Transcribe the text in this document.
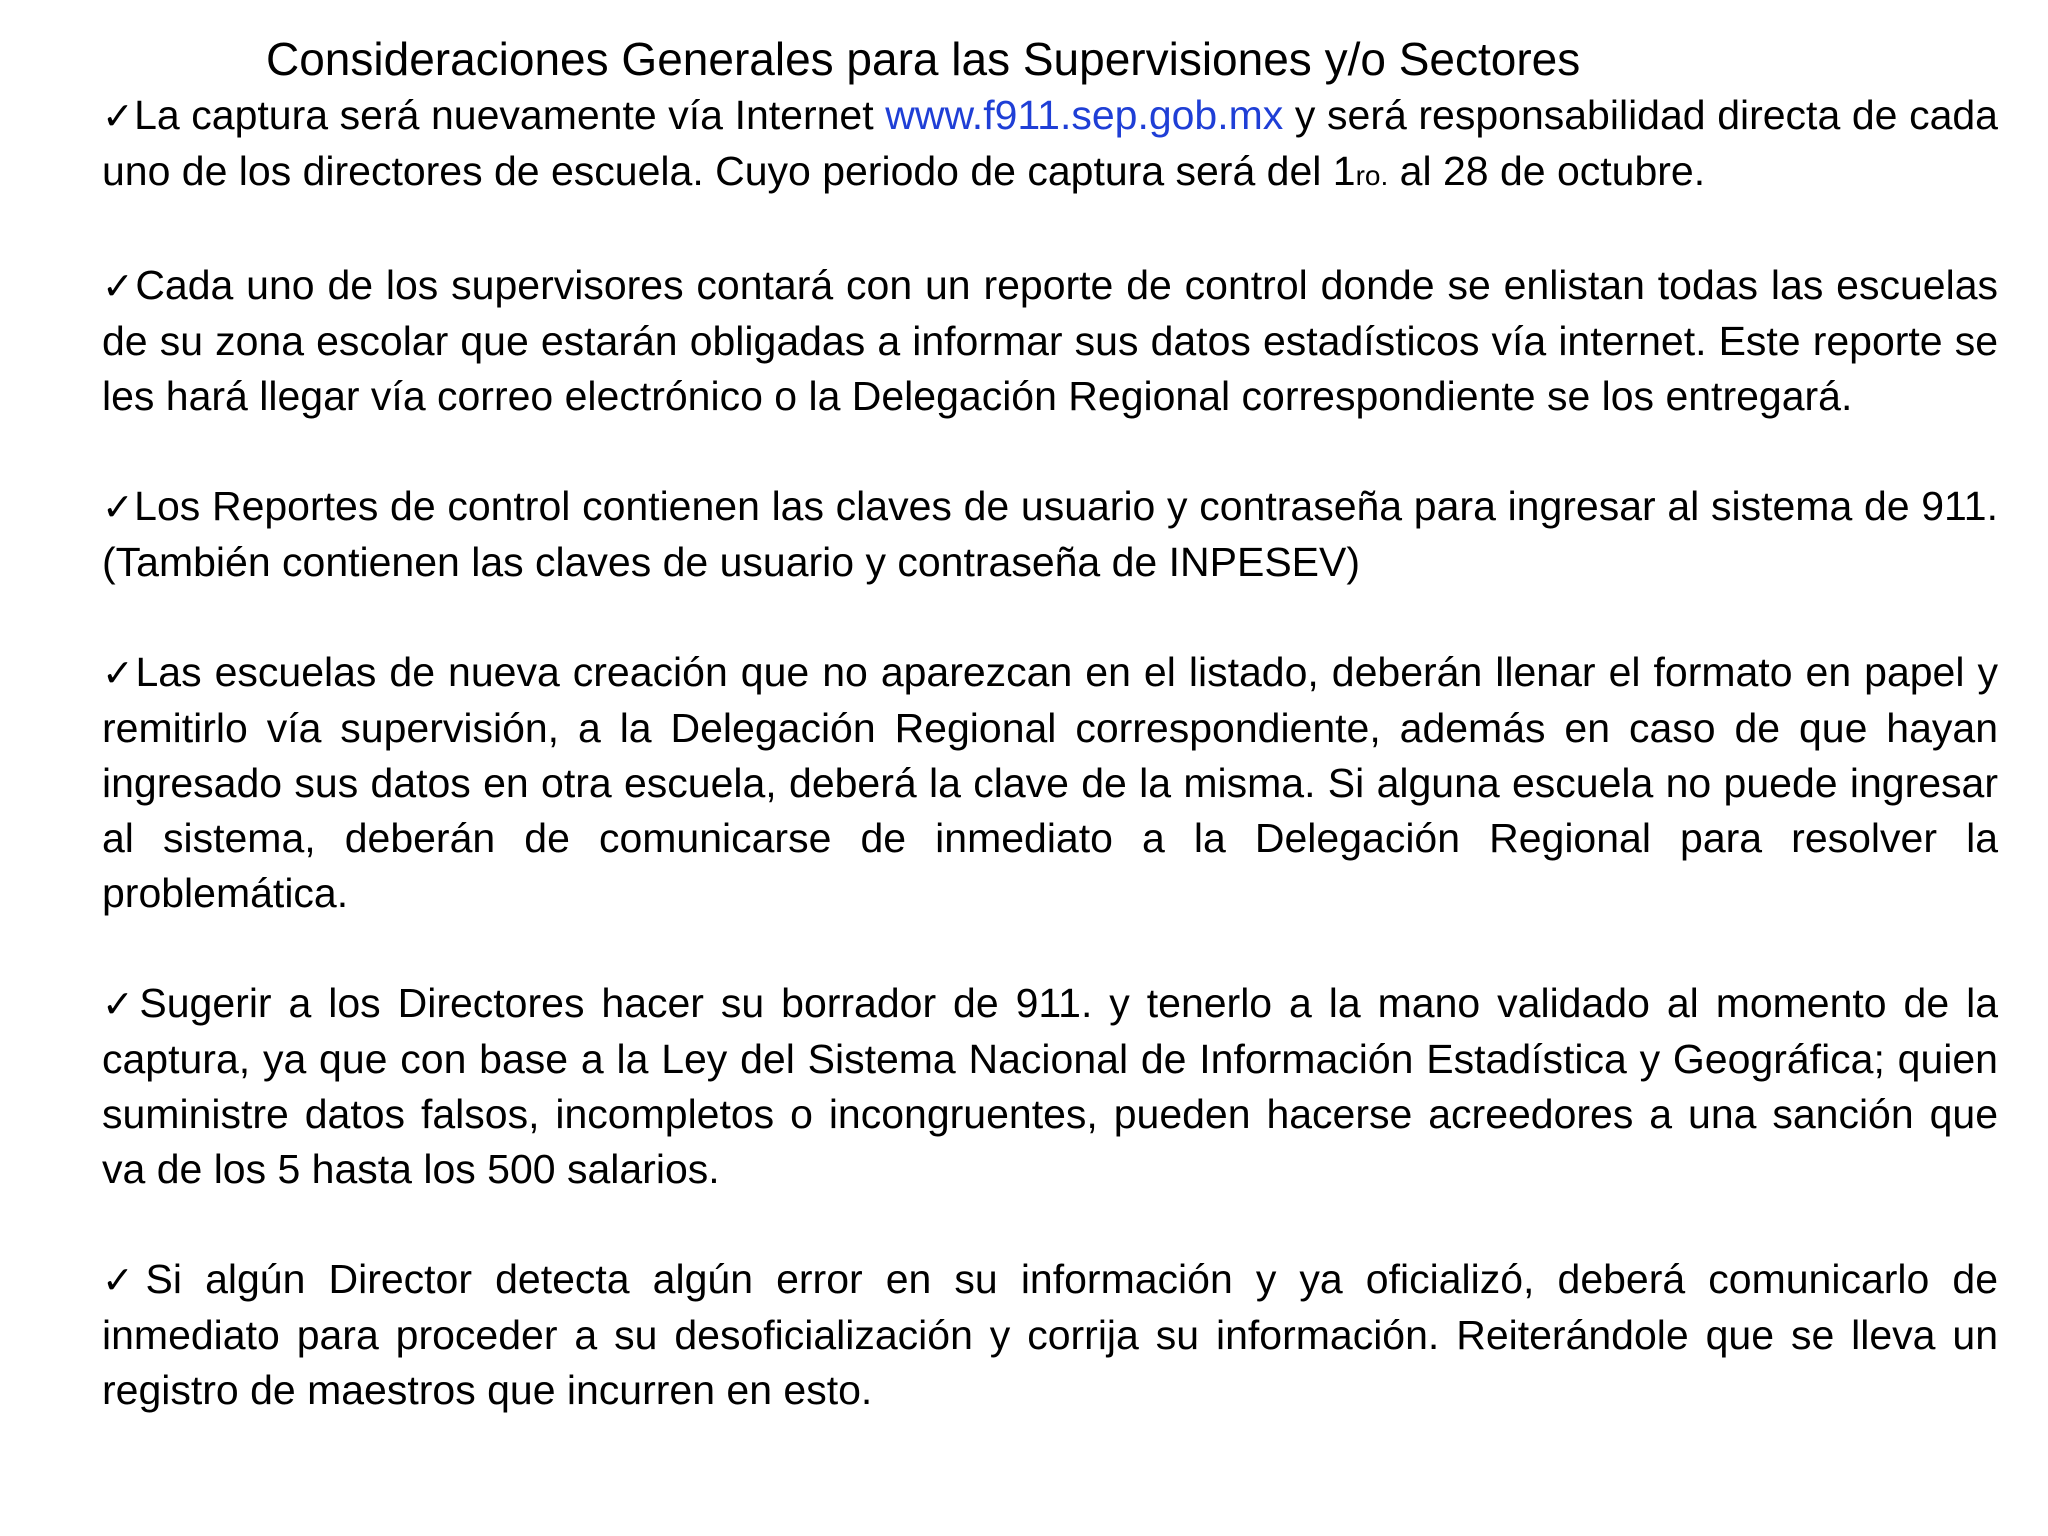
Consideraciones Generales para las Supervisiones y/o Sectores

✓La captura será nuevamente vía Internet www.f911.sep.gob.mx y será responsabilidad directa de cada uno de los directores de escuela. Cuyo periodo de captura será del 1ro. al 28 de octubre.

✓Cada uno de los supervisores contará con un reporte de control donde se enlistan todas las escuelas de su zona escolar que estarán obligadas a informar sus datos estadísticos vía internet. Este reporte se les hará llegar vía correo electrónico o la Delegación Regional correspondiente se los entregará.

✓Los Reportes de control contienen las claves de usuario y contraseña para ingresar al sistema de 911. (También contienen las claves de usuario y contraseña de INPESEV)

✓Las escuelas de nueva creación que no aparezcan en el listado, deberán llenar el formato en papel y remitirlo vía supervisión, a la Delegación Regional correspondiente, además en caso de que hayan ingresado sus datos en otra escuela, deberá la clave de la misma. Si alguna escuela no puede ingresar al sistema, deberán de comunicarse de inmediato a la Delegación Regional para resolver la problemática.

✓Sugerir a los Directores hacer su borrador de 911. y tenerlo a la mano validado al momento de la captura, ya que con base a la Ley del Sistema Nacional de Información Estadística y Geográfica; quien suministre datos falsos, incompletos o incongruentes, pueden hacerse acreedores a una sanción que va de los 5 hasta los 500 salarios.

✓Si algún Director detecta algún error en su información y ya oficializó, deberá comunicarlo de inmediato para proceder a su desoficialización y corrija su información. Reiterándole que se lleva un registro de maestros que incurren en esto.
